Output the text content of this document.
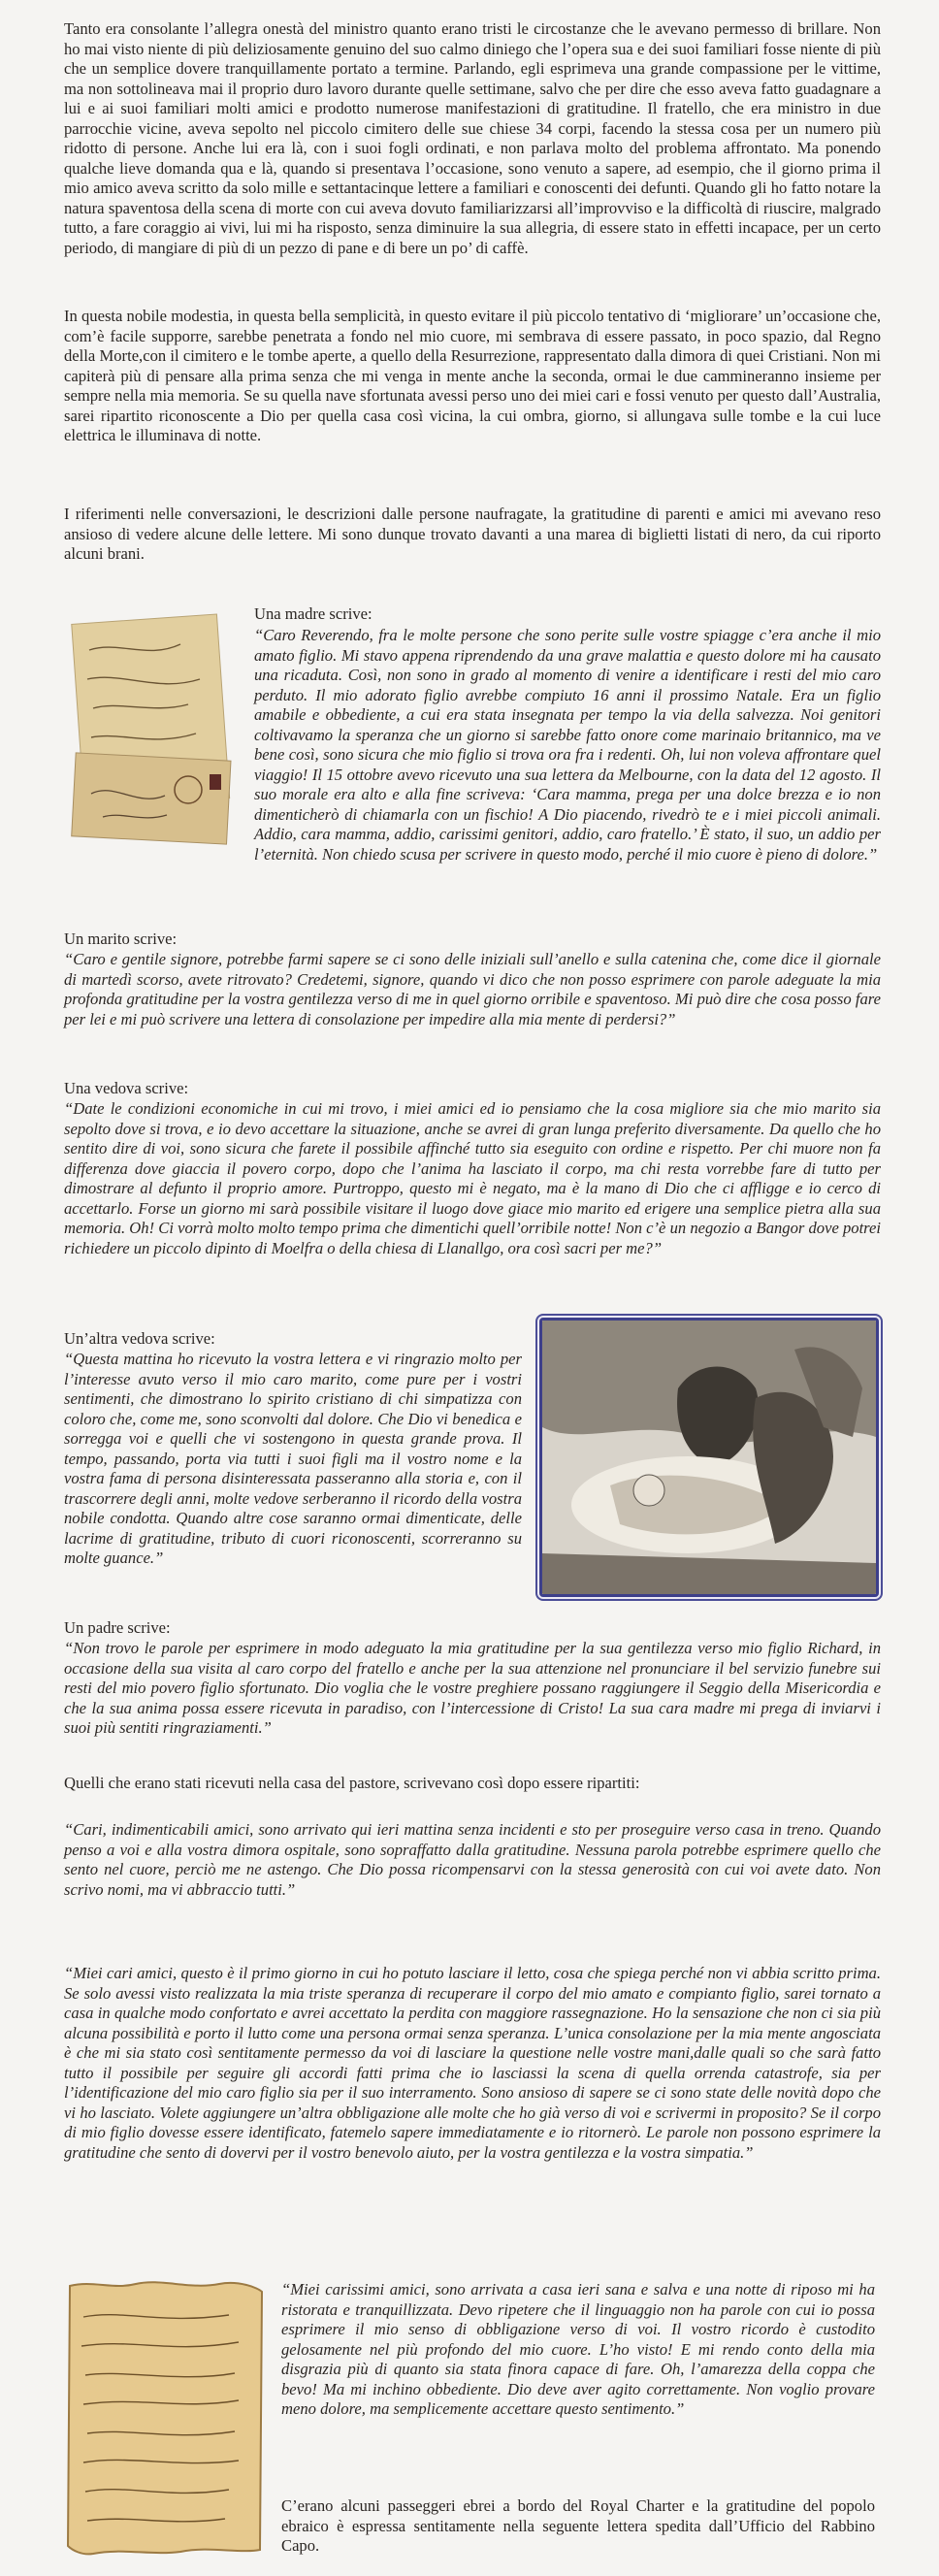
Tanto era consolante l’allegra onestà del ministro quanto erano tristi le circostanze che le avevano permesso di brillare. Non ho mai visto niente di più deliziosamente genuino del suo calmo diniego che l’opera sua e dei suoi familiari fosse niente di più che un semplice dovere tranquillamente portato a termine. Parlando, egli esprimeva una grande compassione per le vittime, ma non sottolineava mai il proprio duro lavoro durante quelle settimane, salvo che per dire che esso aveva fatto guadagnare a lui e ai suoi familiari molti amici e prodotto numerose manifestazioni di gratitudine. Il fratello, che era ministro in due parrocchie vicine, aveva sepolto nel piccolo cimitero delle sue chiese 34 corpi, facendo la stessa cosa per un numero più ridotto di persone. Anche lui era là, con i suoi fogli ordinati, e non parlava molto del problema affrontato. Ma ponendo qualche lieve domanda qua e là, quando si presentava l’occasione, sono venuto a sapere, ad esempio, che il giorno prima il mio amico aveva scritto da solo mille e settantacinque lettere a familiari e conoscenti dei defunti. Quando gli ho fatto notare la natura spaventosa della scena di morte con cui aveva dovuto familiarizzarsi all’improvviso e la difficoltà di riuscire, malgrado tutto, a fare coraggio ai vivi, lui mi ha risposto, senza diminuire la sua allegria, di essere stato in effetti incapace, per un certo periodo, di mangiare di più di un pezzo di pane e di bere un po’ di caffè.

In questa nobile modestia, in questa bella semplicità, in questo evitare il più piccolo tentativo di ‘migliorare’ un’occasione che, com’è facile supporre, sarebbe penetrata a fondo nel mio cuore, mi sembrava di essere passato, in poco spazio, dal Regno della Morte,con il cimitero e le tombe aperte, a quello della Resurrezione, rappresentato dalla dimora di quei Cristiani. Non mi capiterà più di pensare alla prima senza che mi venga in mente anche la seconda, ormai le due cammineranno insieme per sempre nella mia memoria. Se su quella nave sfortunata avessi perso uno dei miei cari e fossi venuto per questo dall’Australia, sarei ripartito riconoscente a Dio per quella casa così vicina, la cui ombra, giorno, si allungava sulle tombe e la cui luce elettrica le illuminava di notte.

I riferimenti nelle conversazioni, le descrizioni dalle persone naufragate, la gratitudine di parenti e amici mi avevano reso ansioso di vedere alcune delle lettere. Mi sono dunque trovato davanti a una marea di biglietti listati di nero, da cui riporto alcuni brani.

Una madre scrive:

“Caro Reverendo, fra le molte persone che sono perite sulle vostre spiagge c’era anche il mio amato figlio. Mi stavo appena riprendendo da una grave malattia e questo dolore mi ha causato una ricaduta. Così, non sono in grado al momento di venire a identificare i resti del mio caro perduto. Il mio adorato figlio avrebbe compiuto 16 anni il prossimo Natale. Era un figlio amabile e obbediente, a cui era stata insegnata per tempo la via della salvezza. Noi genitori coltivavamo la speranza che un giorno si sarebbe fatto onore come marinaio britannico, ma ve bene così, sono sicura che mio figlio si trova ora fra i redenti. Oh, lui non voleva affrontare quel viaggio! Il 15 ottobre avevo ricevuto una sua lettera da Melbourne, con la data del 12 agosto. Il suo morale era alto e alla fine scriveva: ‘Cara mamma, prega per una dolce brezza e io non dimenticherò di chiamarla con un fischio! A Dio piacendo, rivedrò te e i miei piccoli animali. Addio, cara mamma, addio, carissimi genitori, addio, caro fratello.’ È stato, il suo, un addio per l’eternità. Non chiedo scusa per scrivere in questo modo, perché il mio cuore è pieno di dolore.”

Un marito scrive:

“Caro e gentile signore, potrebbe farmi sapere se ci sono delle iniziali sull’anello e sulla catenina che, come dice il giornale di martedì scorso, avete ritrovato? Credetemi, signore, quando vi dico che non posso esprimere con parole adeguate la mia profonda gratitudine per la vostra gentilezza verso di me in quel giorno orribile e spaventoso. Mi può dire che cosa posso fare per lei e mi può scrivere una lettera di consolazione per impedire alla mia mente di perdersi?”

Una vedova scrive:

“Date le condizioni economiche in cui mi trovo, i miei amici ed io pensiamo che la cosa migliore sia che mio marito sia sepolto dove si trova, e io devo accettare la situazione, anche se avrei di gran lunga preferito diversamente. Da quello che ho sentito dire di voi, sono sicura che farete il possibile affinché tutto sia eseguito con ordine e rispetto. Per chi muore non fa differenza dove giaccia il povero corpo, dopo che l’anima ha lasciato il corpo, ma chi resta vorrebbe fare di tutto per dimostrare al defunto il proprio amore. Purtroppo, questo mi è negato, ma è la mano di Dio che ci affligge e io cerco di accettarlo. Forse un giorno mi sarà possibile visitare il luogo dove giace mio marito ed erigere una semplice pietra alla sua memoria. Oh! Ci vorrà molto molto tempo prima che dimentichi quell’orribile notte! Non c’è un negozio a Bangor dove potrei richiedere un piccolo dipinto di Moelfra o della chiesa di Llanallgo, ora così sacri per me?”

Un’altra vedova scrive:

“Questa mattina ho ricevuto la vostra lettera e vi ringrazio molto per l’interesse avuto verso il mio caro marito, come pure per i vostri sentimenti, che dimostrano lo spirito cristiano di chi simpatizza con coloro che, come me, sono sconvolti dal dolore. Che Dio vi benedica e sorregga voi e quelli che vi sostengono in questa grande prova. Il tempo, passando, porta via tutti i suoi figli ma il vostro nome e la vostra fama di persona disinteressata passeranno alla storia e, con il trascorrere degli anni, molte vedove serberanno il ricordo della vostra nobile condotta. Quando altre cose saranno ormai dimenticate, delle lacrime di gratitudine, tributo di cuori riconoscenti, scorreranno su molte guance.”

Un padre scrive:

“Non trovo le parole per esprimere in modo adeguato la mia gratitudine per la sua gentilezza verso mio figlio Richard, in occasione della sua visita al caro corpo del fratello e anche per la sua attenzione nel pronunciare il bel servizio funebre sui resti del mio povero figlio sfortunato. Dio voglia che le vostre preghiere possano raggiungere il Seggio della Misericordia e che la sua anima possa essere ricevuta in paradiso, con l’intercessione di Cristo! La sua cara madre mi prega di inviarvi i suoi più sentiti ringraziamenti.”

Quelli che erano stati ricevuti nella casa del pastore, scrivevano così dopo essere ripartiti:

“Cari, indimenticabili amici, sono arrivato qui ieri mattina senza incidenti e sto per proseguire verso casa in treno. Quando penso a voi e alla vostra dimora ospitale, sono sopraffatto dalla gratitudine. Nessuna parola potrebbe esprimere quello che sento nel cuore, perciò me ne astengo. Che Dio possa ricompensarvi con la stessa generosità con cui voi avete dato. Non scrivo nomi, ma vi abbraccio tutti.”

“Miei cari amici, questo è il primo giorno in cui ho potuto lasciare il letto, cosa che spiega perché non vi abbia scritto prima. Se solo avessi visto realizzata la mia triste speranza di recuperare il corpo del mio amato e compianto figlio, sarei tornato a casa in qualche modo confortato e avrei accettato la perdita con maggiore rassegnazione. Ho la sensazione che non ci sia più alcuna possibilità e porto il lutto come una persona ormai senza speranza. L’unica consolazione per la mia mente angosciata è che mi sia stato così sentitamente permesso da voi di lasciare la questione nelle vostre mani,dalle quali so che sarà fatto tutto il possibile per seguire gli accordi fatti prima che io lasciassi la scena di quella orrenda catastrofe, sia per l’identificazione del mio caro figlio sia per il suo interramento. Sono ansioso di sapere se ci sono state delle novità dopo che vi ho lasciato. Volete aggiungere un’altra obbligazione alle molte che ho già verso di voi e scrivermi in proposito? Se il corpo di mio figlio dovesse essere identificato, fatemelo sapere immediatamente e io ritornerò. Le parole non possono esprimere la gratitudine che sento di dovervi per il vostro benevolo aiuto, per la vostra gentilezza e la vostra simpatia.”

“Miei carissimi amici, sono arrivata a casa ieri sana e salva e una notte di riposo mi ha ristorata e tranquillizzata. Devo ripetere che il linguaggio non ha parole con cui io possa esprimere il mio senso di obbligazione verso di voi. Il vostro ricordo è custodito gelosamente nel più profondo del mio cuore. L’ho visto! E mi rendo conto della mia disgrazia più di quanto sia stata finora capace di fare. Oh, l’amarezza della coppa che bevo! Ma mi inchino obbediente. Dio deve aver agito correttamente. Non voglio provare meno dolore, ma semplicemente accettare questo sentimento.”

C’erano alcuni passeggeri ebrei a bordo del Royal Charter e la gratitudine del popolo ebraico è espressa sentitamente nella seguente lettera spedita dall’Ufficio del Rabbino Capo.
